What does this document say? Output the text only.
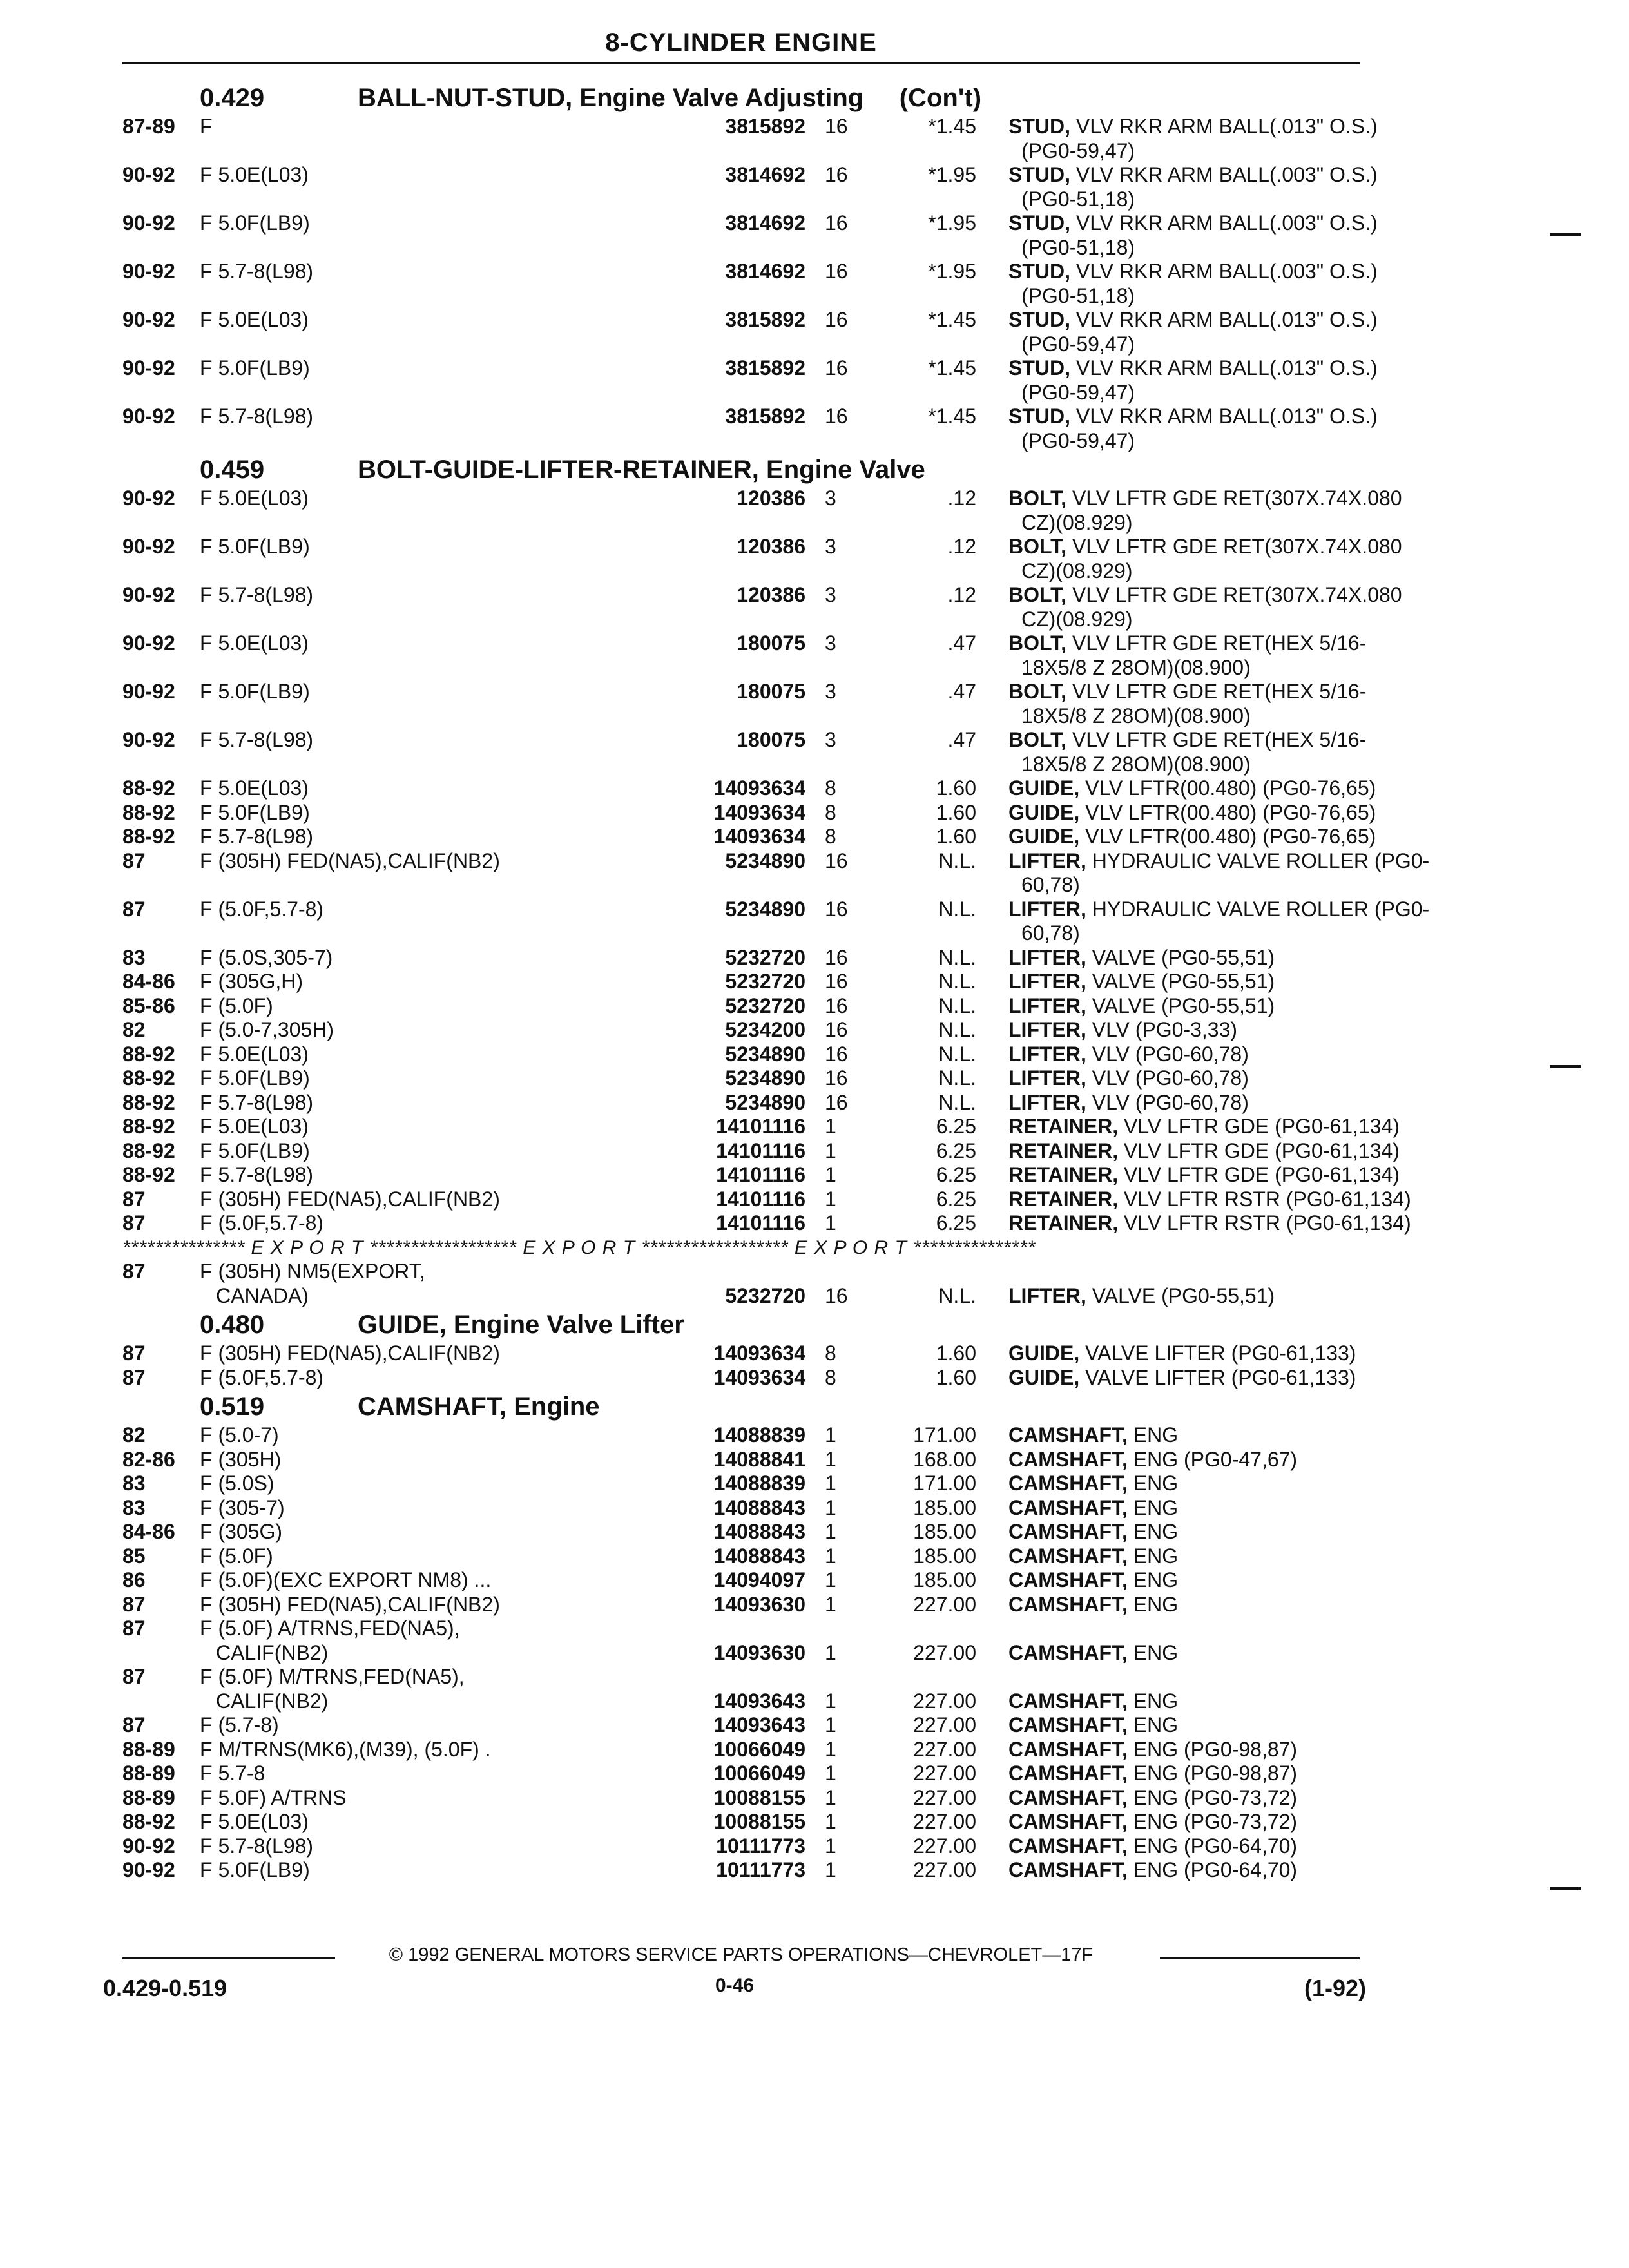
8-CYLINDER ENGINE
0.429	BALL-NUT-STUD, Engine Valve Adjusting     (Con't)
87-89 F	3815892 16	*1.45 STUD, VLV RKR ARM BALL(.013" O.S.)
(PG0-59,47)
90-92 F 5.0E(L03)	3814692 16	*1.95 STUD, VLV RKR ARM BALL(.003" O.S.)
(PG0-51,18)
90-92 F 5.0F(LB9)	3814692 16	*1.95 STUD, VLV RKR ARM BALL(.003" O.S.)
(PG0-51,18)
90-92 F 5.7-8(L98)	3814692 16	*1.95 STUD, VLV RKR ARM BALL(.003" O.S.)
(PG0-51,18)
90-92 F 5.0E(L03)	3815892 16	*1.45 STUD, VLV RKR ARM BALL(.013" O.S.)
(PG0-59,47)
90-92 F 5.0F(LB9)	3815892 16	*1.45 STUD, VLV RKR ARM BALL(.013" O.S.)
(PG0-59,47)
90-92 F 5.7-8(L98)	3815892 16	*1.45 STUD, VLV RKR ARM BALL(.013" O.S.)
(PG0-59,47)
0.459	BOLT-GUIDE-LIFTER-RETAINER, Engine Valve
90-92 F 5.0E(L03)	120386 3	.12 BOLT, VLV LFTR GDE RET(307X.74X.080
CZ)(08.929)
90-92 F 5.0F(LB9)	120386 3	.12 BOLT, VLV LFTR GDE RET(307X.74X.080
CZ)(08.929)
90-92 F 5.7-8(L98)	120386 3	.12 BOLT, VLV LFTR GDE RET(307X.74X.080
CZ)(08.929)
90-92 F 5.0E(L03)	180075 3	.47 BOLT, VLV LFTR GDE RET(HEX 5/16-
18X5/8 Z 28OM)(08.900)
90-92 F 5.0F(LB9)	180075 3	.47 BOLT, VLV LFTR GDE RET(HEX 5/16-
18X5/8 Z 28OM)(08.900)
90-92 F 5.7-8(L98)	180075 3	.47 BOLT, VLV LFTR GDE RET(HEX 5/16-
18X5/8 Z 28OM)(08.900)
88-92 F 5.0E(L03)	14093634 8	1.60 GUIDE, VLV LFTR(00.480) (PG0-76,65)
88-92 F 5.0F(LB9)	14093634 8	1.60 GUIDE, VLV LFTR(00.480) (PG0-76,65)
88-92 F 5.7-8(L98)	14093634 8	1.60 GUIDE, VLV LFTR(00.480) (PG0-76,65)
87	F (305H) FED(NA5),CALIF(NB2)	5234890 16	N.L. LIFTER, HYDRAULIC VALVE ROLLER (PG0-
60,78)
87	F (5.0F,5.7-8)	5234890 16	N.L. LIFTER, HYDRAULIC VALVE ROLLER (PG0-
60,78)
83	F (5.0S,305-7)	5232720 16	N.L. LIFTER, VALVE (PG0-55,51)
84-86 F (305G,H)	5232720 16	N.L. LIFTER, VALVE (PG0-55,51)
85-86 F (5.0F)	5232720 16	N.L. LIFTER, VALVE (PG0-55,51)
82	F (5.0-7,305H)	5234200 16	N.L. LIFTER, VLV (PG0-3,33)
88-92 F 5.0E(L03)	5234890 16	N.L. LIFTER, VLV (PG0-60,78)
88-92 F 5.0F(LB9)	5234890 16	N.L. LIFTER, VLV (PG0-60,78)
88-92 F 5.7-8(L98)	5234890 16	N.L. LIFTER, VLV (PG0-60,78)
88-92 F 5.0E(L03)	14101116 1	6.25 RETAINER, VLV LFTR GDE (PG0-61,134)
88-92 F 5.0F(LB9)	14101116 1	6.25 RETAINER, VLV LFTR GDE (PG0-61,134)
88-92 F 5.7-8(L98)	14101116 1	6.25 RETAINER, VLV LFTR GDE (PG0-61,134)
87	F (305H) FED(NA5),CALIF(NB2)	14101116 1	6.25 RETAINER, VLV LFTR RSTR (PG0-61,134)
87	F (5.0F,5.7-8)	14101116 1	6.25 RETAINER, VLV LFTR RSTR (PG0-61,134)
*************** E X P O R T ****************** E X P O R T ****************** E X P O R T ***************
87	F (305H) NM5(EXPORT,
CANADA)	5232720 16	N.L. LIFTER, VALVE (PG0-55,51)
0.480	GUIDE, Engine Valve Lifter
87	F (305H) FED(NA5),CALIF(NB2)	14093634 8	1.60 GUIDE, VALVE LIFTER (PG0-61,133)
87	F (5.0F,5.7-8)	14093634 8	1.60 GUIDE, VALVE LIFTER (PG0-61,133)
0.519	CAMSHAFT, Engine
82	F (5.0-7)	14088839 1	171.00 CAMSHAFT, ENG
82-86 F (305H)	14088841 1	168.00 CAMSHAFT, ENG (PG0-47,67)
83	F (5.0S)	14088839 1	171.00 CAMSHAFT, ENG
83	F (305-7)	14088843 1	185.00 CAMSHAFT, ENG
84-86 F (305G)	14088843 1	185.00 CAMSHAFT, ENG
85	F (5.0F)	14088843 1	185.00 CAMSHAFT, ENG
86	F (5.0F)(EXC EXPORT NM8) ...	14094097 1	185.00 CAMSHAFT, ENG
87	F (305H) FED(NA5),CALIF(NB2)	14093630 1	227.00 CAMSHAFT, ENG
87	F (5.0F) A/TRNS,FED(NA5),
CALIF(NB2)	14093630 1	227.00 CAMSHAFT, ENG
87	F (5.0F) M/TRNS,FED(NA5),
CALIF(NB2)	14093643 1	227.00 CAMSHAFT, ENG
87	F (5.7-8)	14093643 1	227.00 CAMSHAFT, ENG
88-89 F M/TRNS(MK6),(M39), (5.0F) .	10066049 1	227.00 CAMSHAFT, ENG (PG0-98,87)
88-89 F 5.7-8	10066049 1	227.00 CAMSHAFT, ENG (PG0-98,87)
88-89 F 5.0F) A/TRNS	10088155 1	227.00 CAMSHAFT, ENG (PG0-73,72)
88-92 F 5.0E(L03)	10088155 1	227.00 CAMSHAFT, ENG (PG0-73,72)
90-92 F 5.7-8(L98)	10111773 1	227.00 CAMSHAFT, ENG (PG0-64,70)
90-92 F 5.0F(LB9)	10111773 1	227.00 CAMSHAFT, ENG (PG0-64,70)
© 1992 GENERAL MOTORS SERVICE PARTS OPERATIONS—CHEVROLET—17F
0.429-0.519	0-46	(1-92)
